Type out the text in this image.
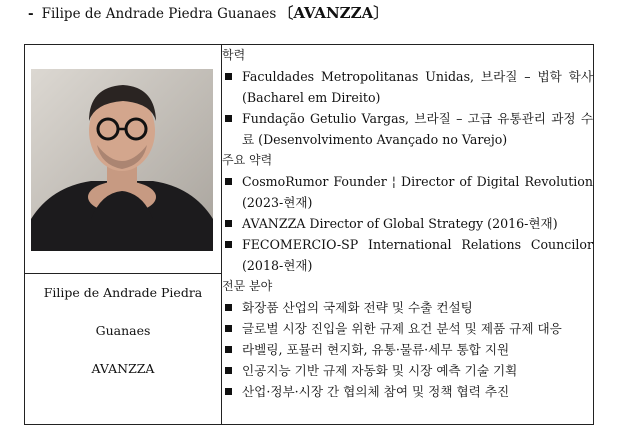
- Filipe de Andrade Piedra Guanaes 〔AVANZZA〕

학력
Faculdades Metropolitanas Unidas, 브라질 – 법학 학사 (Bacharel em Direito)
Fundação Getulio Vargas, 브라질 – 고급 유통관리 과정 수료 (Desenvolvimento Avançado no Varejo)
주요 약력
CosmoRumor Founder ¦ Director of Digital Revolution (2023-현재)
AVANZZA Director of Global Strategy (2016-현재)
FECOMERCIO-SP International Relations Councilor (2018-현재)
전문 분야
화장품 산업의 국제화 전략 및 수출 컨설팅
글로벌 시장 진입을 위한 규제 요건 분석 및 제품 규제 대응
라벨링, 포뮬러 현지화, 유통·물류·세무 통합 지원
인공지능 기반 규제 자동화 및 시장 예측 기술 기획
산업·정부·시장 간 협의체 참여 및 정책 협력 추진

Filipe de Andrade Piedra
Guanaes
AVANZZA
